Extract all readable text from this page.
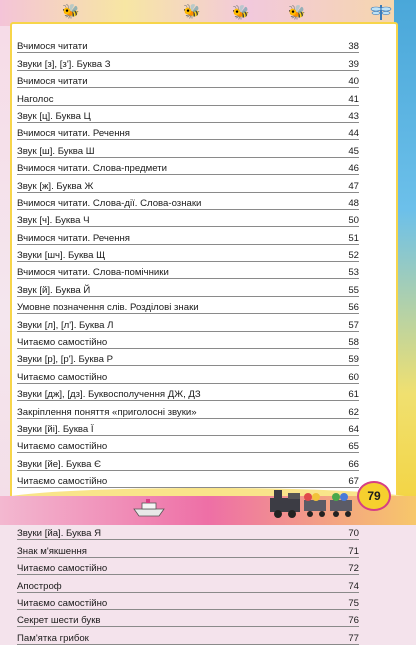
🐝	🐝 🐝	🐝
Вчимося читати	38
Звуки [з], [з']. Буква З	39
Вчимося читати	40
Наголос	41
Звук [ц]. Буква Ц	43
Вчимося читати. Речення	44
Звук [ш]. Буква Ш	45
Вчимося читати. Слова-предмети	46
Звук [ж]. Буква Ж	47
Вчимося читати. Слова-дії. Слова-ознаки	48
Звук [ч]. Буква Ч	50
Вчимося читати. Речення	51
Звуки [шч]. Буква Щ	52
Вчимося читати. Слова-помічники	53
Звук [й]. Буква Й	55
Умовне позначення слів. Розділові знаки	56
Звуки [л], [л']. Буква Л	57
Читаємо самостійно	58
Звуки [р], [р']. Буква Р	59
Читаємо самостійно	60
Звуки [дж], [дз]. Буквосполучення ДЖ, ДЗ	61
Закріплення поняття «приголосні звуки»	62
Звуки [йі]. Буква Ї	64
Читаємо самостійно	65
Звуки [йе]. Буква Є	66
Читаємо самостійно	67
Звуки [йа]. Буква Я	70
Знак м'якшення	71
Читаємо самостійно	72
Апостроф	74
Читаємо самостійно	75
Секрет шести букв	76
Пам'ятка грибок	77
79
